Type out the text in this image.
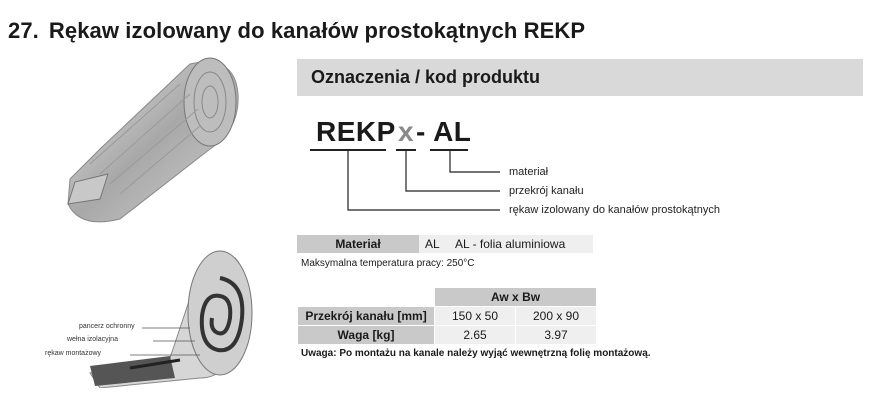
27. Rękaw izolowany do kanałów prostokątnych REKP
pancerz ochronny
wełna izolacyjna
rękaw montażowy
Oznaczenia / kod produktu
REKP x - AL
materiał
przekrój kanału
rękaw izolowany do kanałów prostokątnych
Materiał	AL	AL - folia aluminiowa
Maksymalna temperatura pracy: 250°C
	Aw x Bw	
Przekrój kanału [mm]	150 x 50	200 x 90
Waga [kg]	2.65	3.97
Uwaga: Po montażu na kanale należy wyjąć wewnętrzną folię montażową.
